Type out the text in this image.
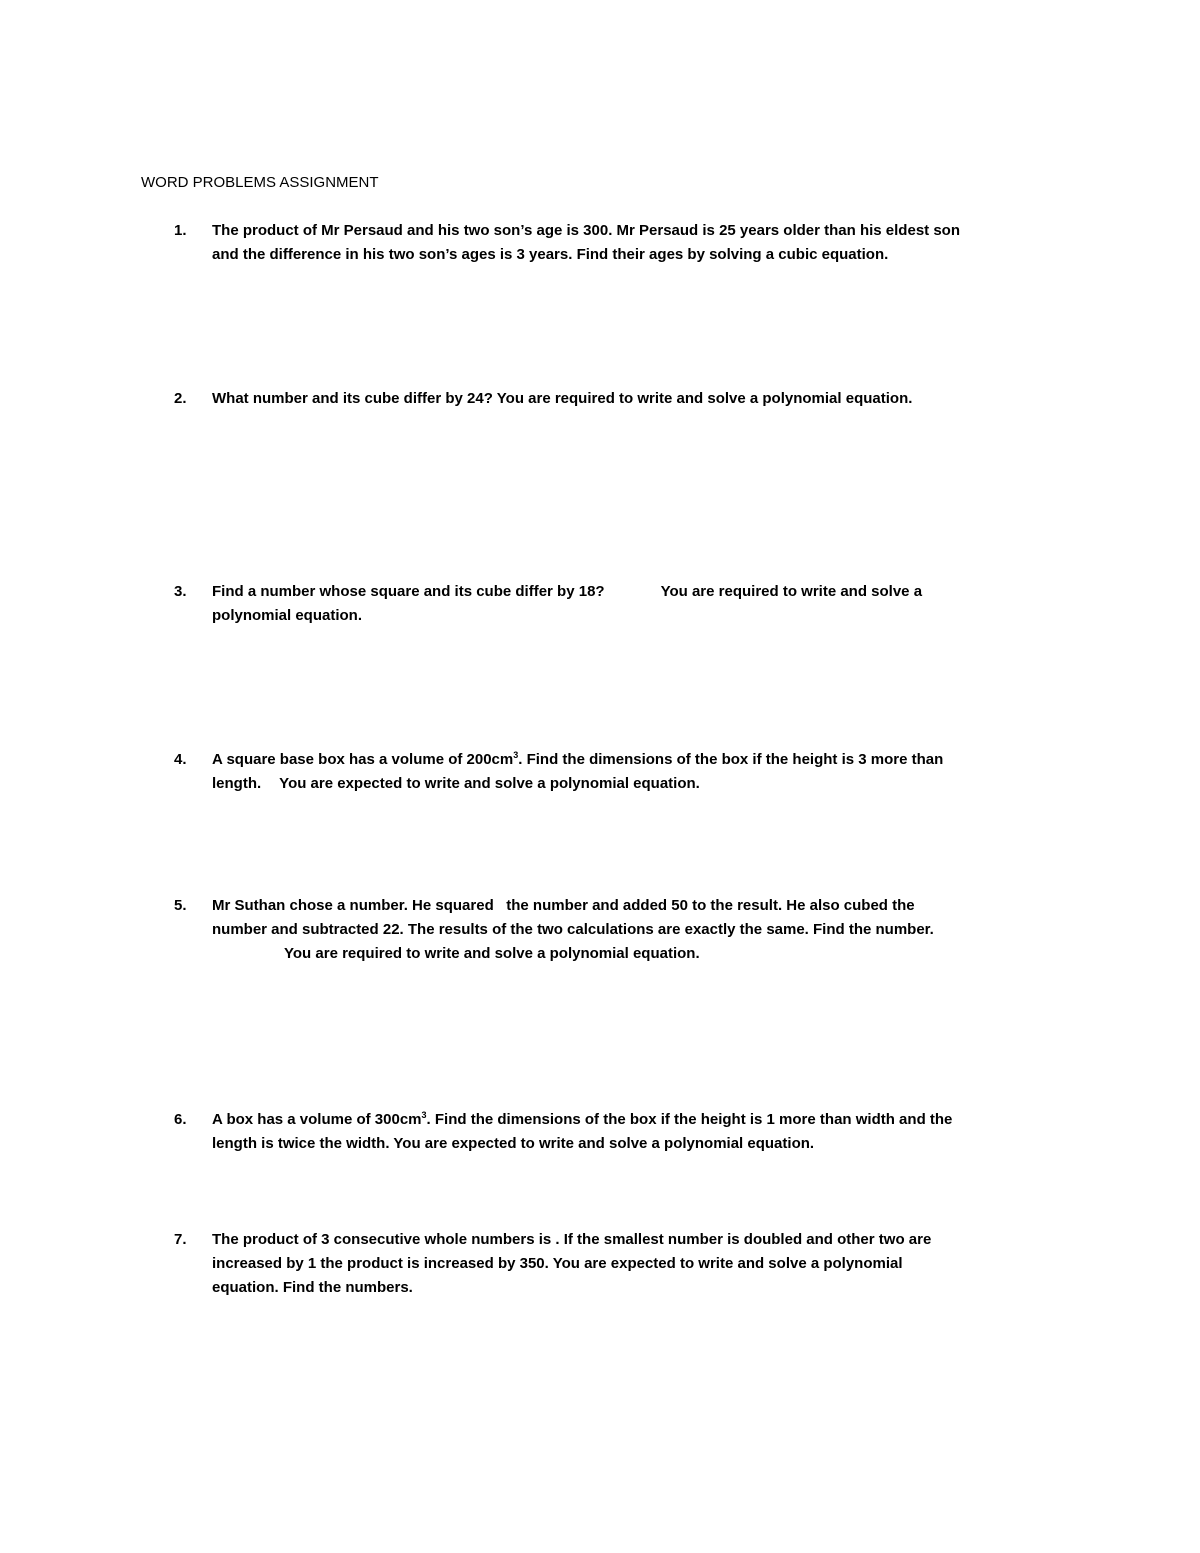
WORD PROBLEMS ASSIGNMENT
1.	The product of Mr Persaud and his two son’s age is 300. Mr Persaud is 25 years older than his eldest son
and the difference in his two son’s ages is 3 years. Find their ages by solving a cubic equation.
2.	What number and its cube differ by 24? You are required to write and solve a polynomial equation.
3.	Find a number whose square and its cube differ by 18?	You are required to write and solve a
polynomial equation.
4.	A square base box has a volume of $200cm^3$. Find the dimensions of the box if the height is 3 more than
length. You are expected to write and solve a polynomial equation.
5.	Mr Suthan chose a number. He squared   the number and added 50 to the result. He also cubed the
number and subtracted 22. The results of the two calculations are exactly the same. Find the number.
You are required to write and solve a polynomial equation.
6.	A box has a volume of $300cm^3$. Find the dimensions of the box if the height is 1 more than width and the
length is twice the width. You are expected to write and solve a polynomial equation.
7.	The product of 3 consecutive whole numbers is . If the smallest number is doubled and other two are
increased by 1 the product is increased by 350. You are expected to write and solve a polynomial
equation. Find the numbers.
